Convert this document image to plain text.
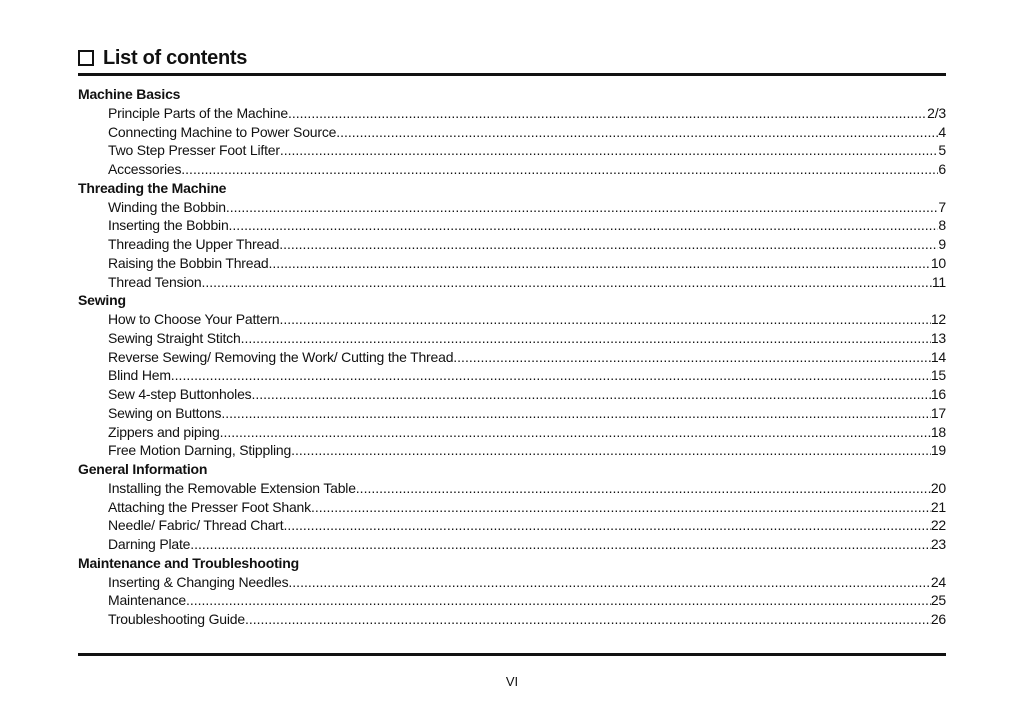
List of contents
Machine Basics
Principle Parts of the Machine .....	2/3
Connecting Machine to Power Source .....	4
Two Step Presser Foot Lifter .....	5
Accessories .....	6
Threading the Machine
Winding the Bobbin .....	7
Inserting the Bobbin .....	8
Threading the Upper Thread .....	9
Raising the Bobbin Thread .....	10
Thread Tension .....	11
Sewing
How to Choose Your Pattern .....	12
Sewing Straight Stitch .....	13
Reverse Sewing/ Removing the Work/ Cutting the Thread .....	14
Blind Hem .....	15
Sew 4-step Buttonholes .....	16
Sewing on Buttons .....	17
Zippers and piping .....	18
Free Motion Darning, Stippling .....	19
General Information
Installing the Removable Extension Table .....	20
Attaching the Presser Foot Shank .....	21
Needle/ Fabric/ Thread Chart .....	22
Darning Plate .....	23
Maintenance and Troubleshooting
Inserting & Changing Needles .....	24
Maintenance .....	25
Troubleshooting Guide .....	26
VI
